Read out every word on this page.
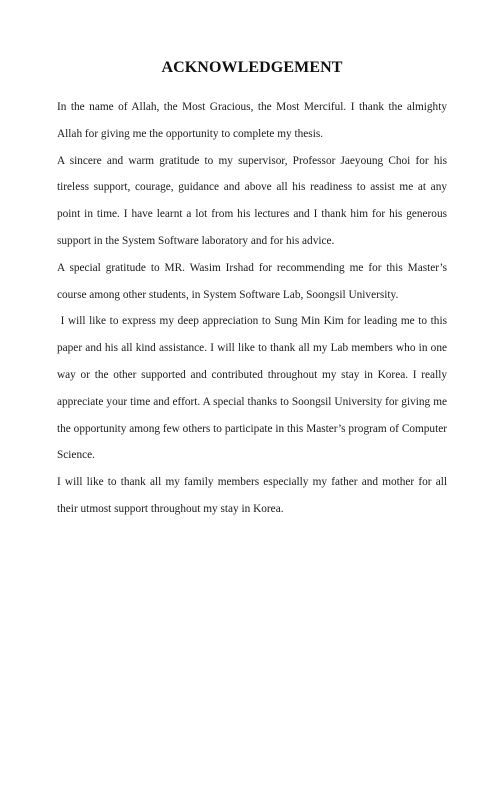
ACKNOWLEDGEMENT

In the name of Allah, the Most Gracious, the Most Merciful. I thank the almighty Allah for giving me the opportunity to complete my thesis.

A sincere and warm gratitude to my supervisor, Professor Jaeyoung Choi for his tireless support, courage, guidance and above all his readiness to assist me at any point in time. I have learnt a lot from his lectures and I thank him for his generous support in the System Software laboratory and for his advice.

A special gratitude to MR. Wasim Irshad for recommending me for this Master’s course among other students, in System Software Lab, Soongsil University.

I will like to express my deep appreciation to Sung Min Kim for leading me to this paper and his all kind assistance. I will like to thank all my Lab members who in one way or the other supported and contributed throughout my stay in Korea. I really appreciate your time and effort. A special thanks to Soongsil University for giving me the opportunity among few others to participate in this Master’s program of Computer Science.

I will like to thank all my family members especially my father and mother for all their utmost support throughout my stay in Korea.
